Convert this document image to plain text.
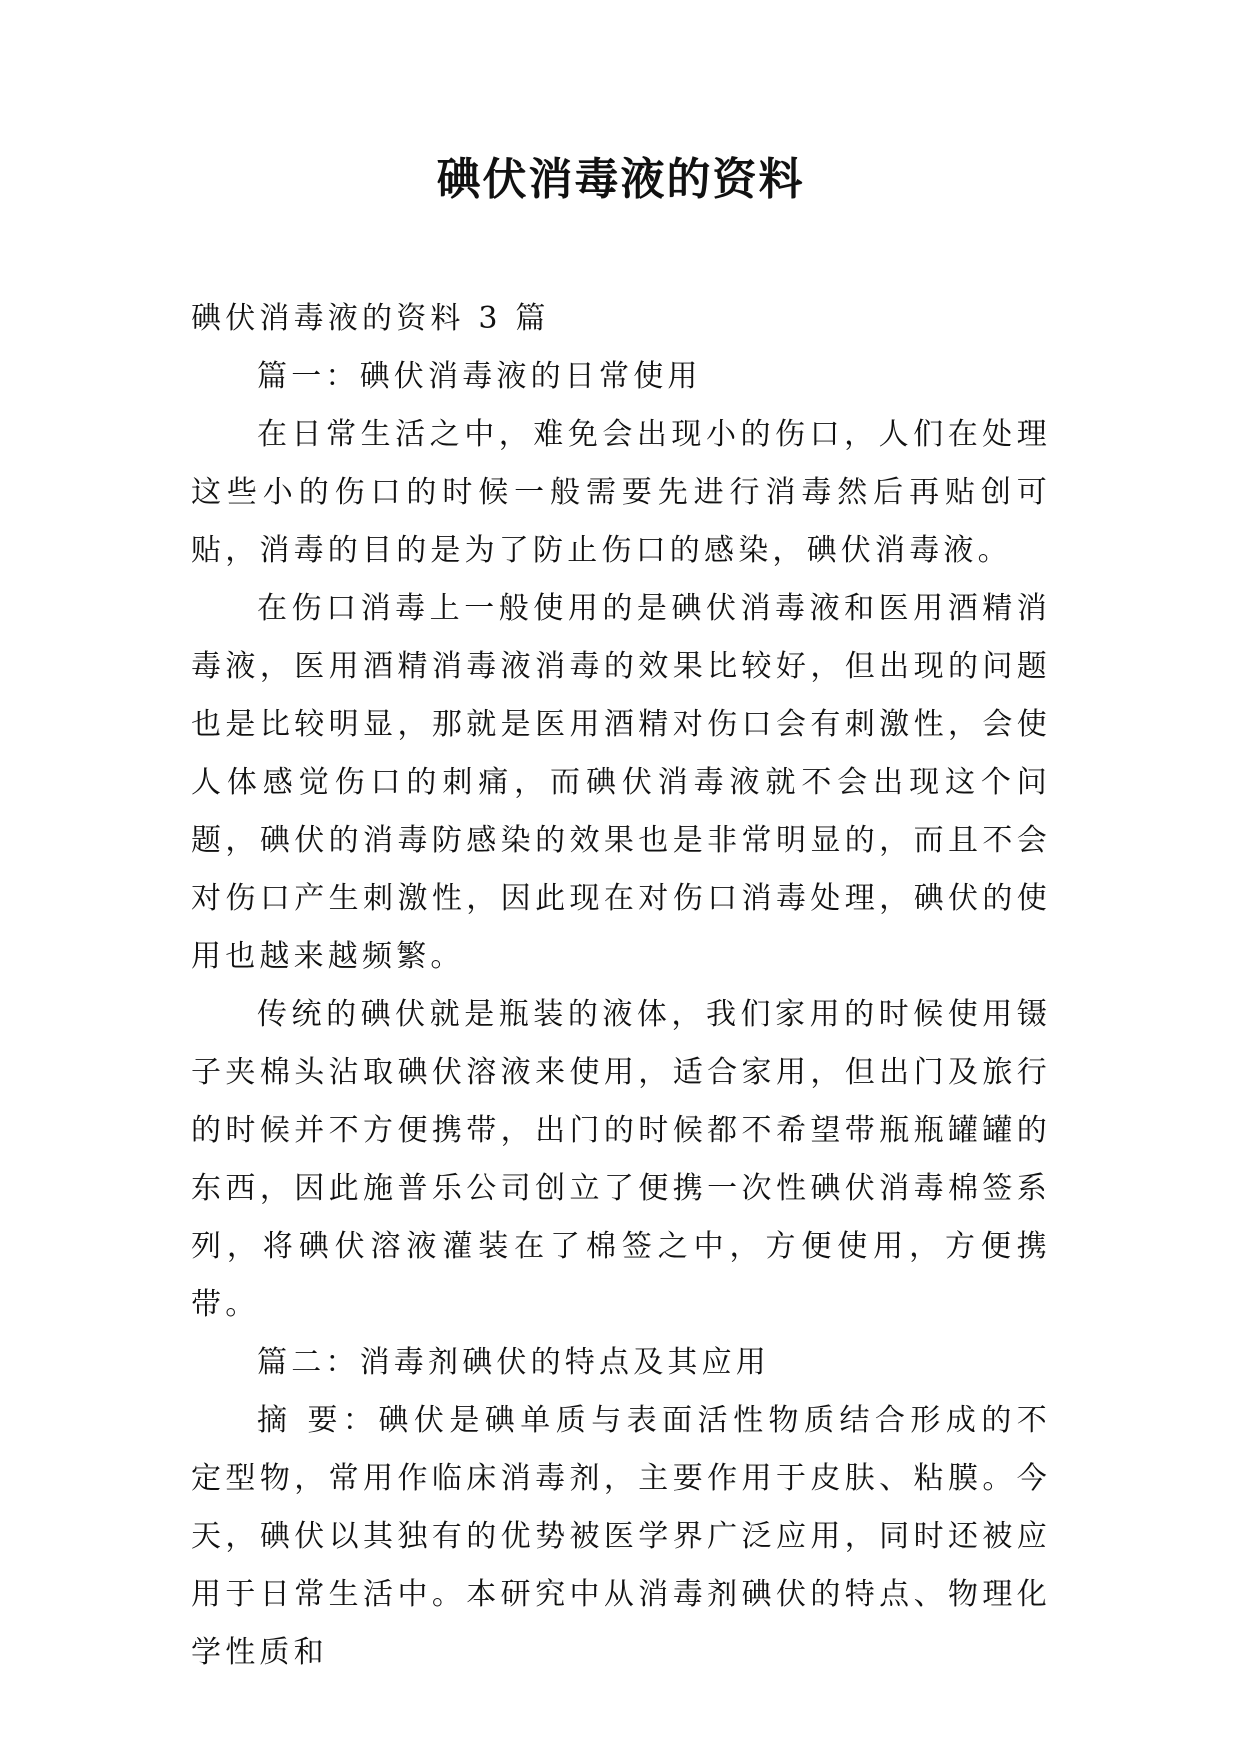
碘伏消毒液的资料

碘伏消毒液的资料 3 篇

篇一：碘伏消毒液的日常使用

在日常生活之中，难免会出现小的伤口，人们在处理这些小的伤口的时候一般需要先进行消毒然后再贴创可贴，消毒的目的是为了防止伤口的感染，碘伏消毒液。

在伤口消毒上一般使用的是碘伏消毒液和医用酒精消毒液，医用酒精消毒液消毒的效果比较好，但出现的问题也是比较明显，那就是医用酒精对伤口会有刺激性，会使人体感觉伤口的刺痛，而碘伏消毒液就不会出现这个问题，碘伏的消毒防感染的效果也是非常明显的，而且不会对伤口产生刺激性，因此现在对伤口消毒处理，碘伏的使用也越来越频繁。

传统的碘伏就是瓶装的液体，我们家用的时候使用镊子夹棉头沾取碘伏溶液来使用，适合家用，但出门及旅行的时候并不方便携带，出门的时候都不希望带瓶瓶罐罐的东西，因此施普乐公司创立了便携一次性碘伏消毒棉签系列，将碘伏溶液灌装在了棉签之中，方便使用，方便携带。

篇二：消毒剂碘伏的特点及其应用

摘 要：碘伏是碘单质与表面活性物质结合形成的不定型物，常用作临床消毒剂，主要作用于皮肤、粘膜。今天，碘伏以其独有的优势被医学界广泛应用，同时还被应用于日常生活中。本研究中从消毒剂碘伏的特点、物理化学性质和
